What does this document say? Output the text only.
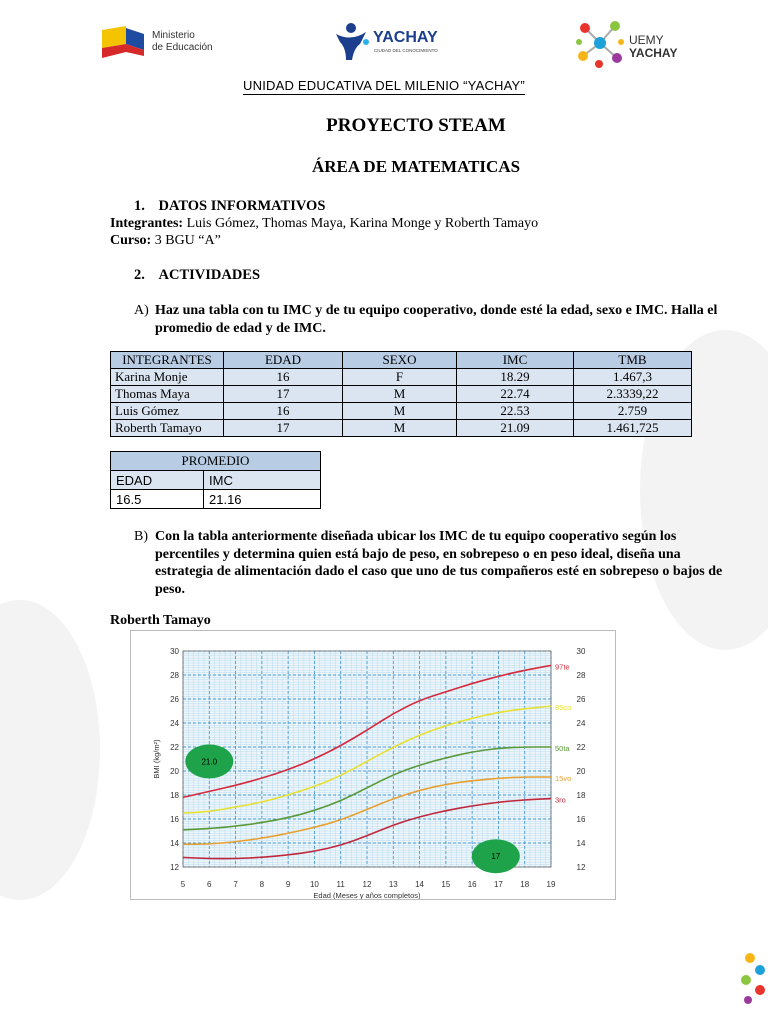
Ministerio
de Educación
YACHAY
CIUDAD DEL CONOCIMIENTO
UEMY
YACHAY
UNIDAD EDUCATIVA DEL MILENIO “YACHAY”
PROYECTO STEAM
ÁREA DE MATEMATICAS
1. DATOS INFORMATIVOS
Integrantes: Luis Gómez, Thomas Maya, Karina Monge y Roberth Tamayo
Curso: 3 BGU “A”
2. ACTIVIDADES
A) Haz una tabla con tu IMC y de tu equipo cooperativo, donde esté la edad, sexo e IMC. Halla el promedio de edad y de IMC.
INTEGRANTES	EDAD	SEXO	IMC	TMB
Karina Monje	16	F	18.29	1.467,3
Thomas Maya	17	M	22.74	2.3339,22
Luis Gómez	16	M	22.53	2.759
Roberth Tamayo	17	M	21.09	1.461,725
PROMEDIO	
EDAD	IMC
16.5	21.16
B) Con la tabla anteriormente diseñada ubicar los IMC de tu equipo cooperativo según los percentiles y determina quien está bajo de peso, en sobrepeso o en peso ideal, diseña una estrategia de alimentación dado el caso que uno de tus compañeros esté en sobrepeso o bajos de peso.
Roberth Tamayo
5	6	7	8	9 10 11 12 13 14 15 16 17 18 19
12	12
14	14
16	16
18	18
20	20
22	22
24	24
26	26
28	28
30	30
97te
85co
50ta
15vo
3ro
21.0
17
BMI (kg/m²)
Edad (Meses y años completos)
